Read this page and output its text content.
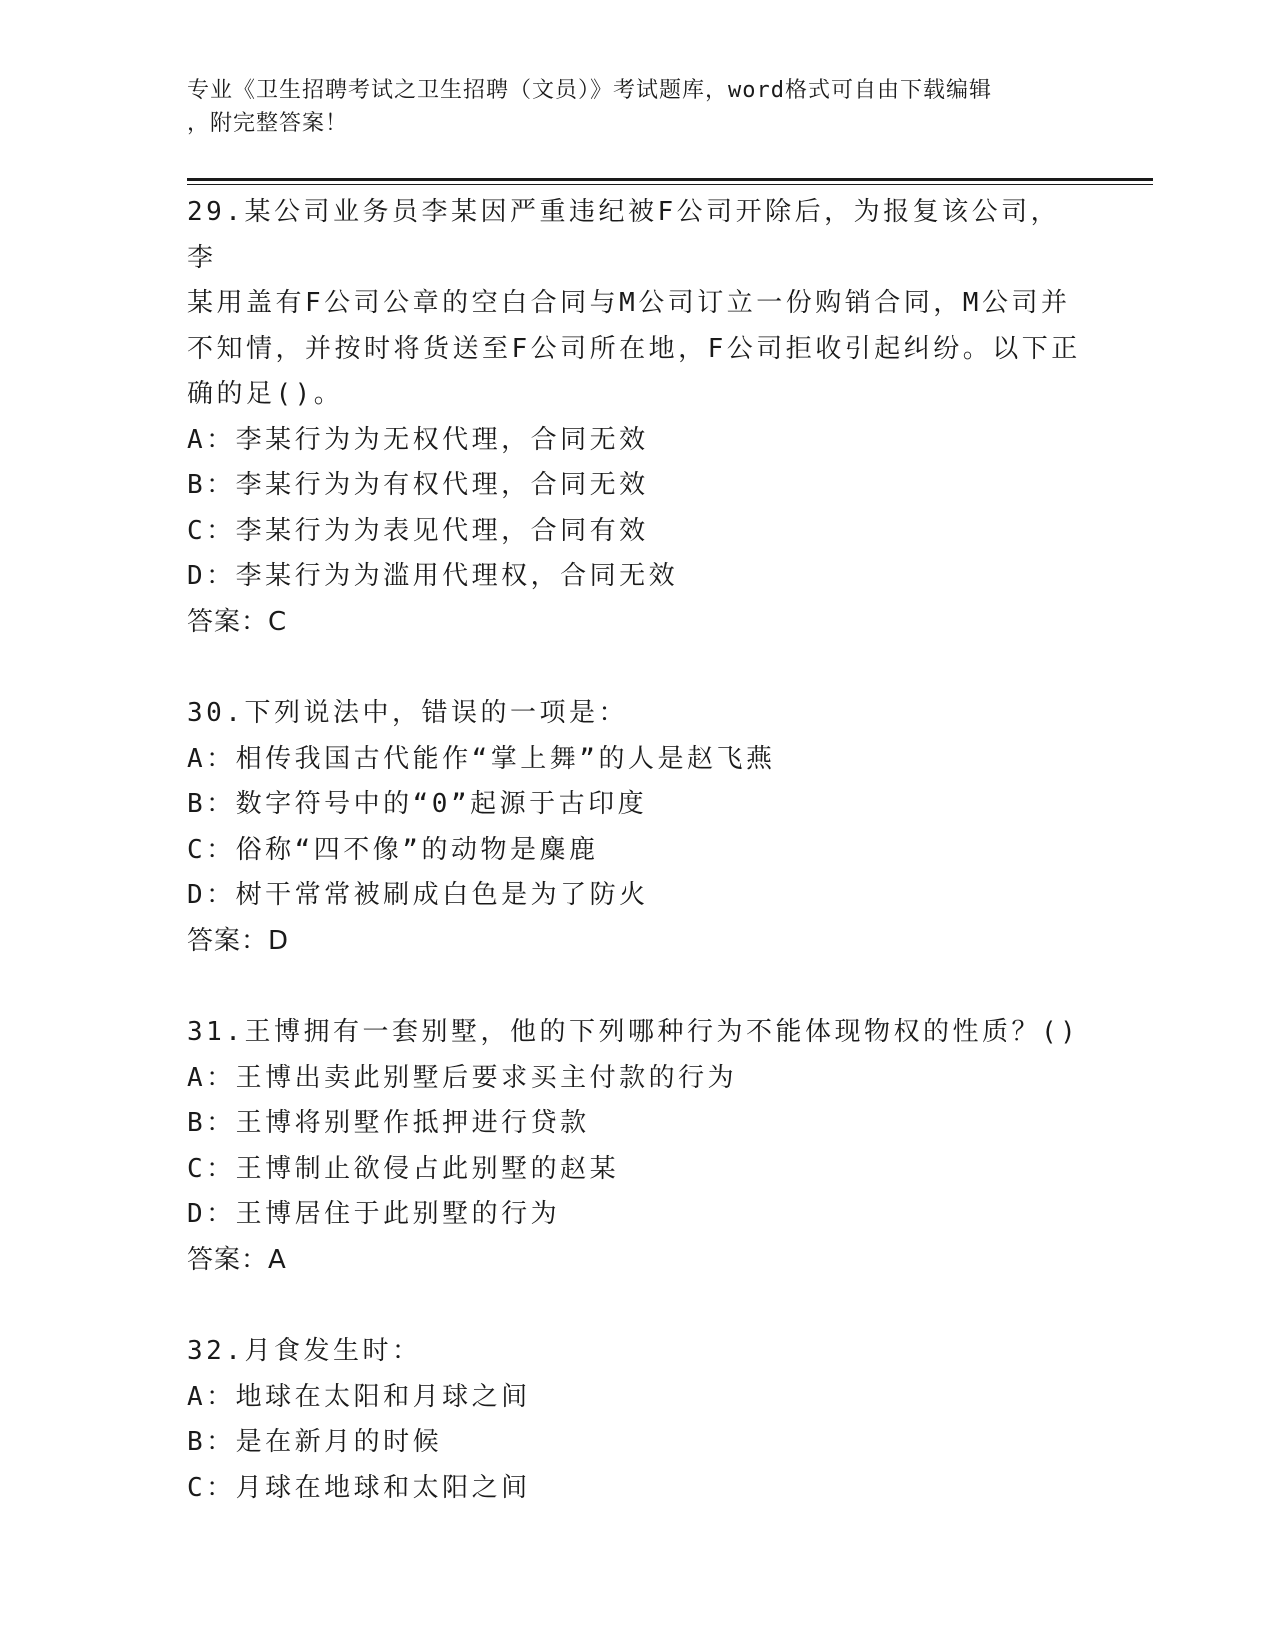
专业《卫生招聘考试之卫生招聘（文员）》考试题库，word格式可自由下载编辑
，附完整答案！

29.某公司业务员李某因严重违纪被F公司开除后，为报复该公司，李
某用盖有F公司公章的空白合同与M公司订立一份购销合同，M公司并
不知情，并按时将货送至F公司所在地，F公司拒收引起纠纷。以下正
确的足()。

A：李某行为为无权代理，合同无效

B：李某行为为有权代理，合同无效

C：李某行为为表见代理，合同有效

D：李某行为为滥用代理权，合同无效

答案：C

30.下列说法中，错误的一项是：

A：相传我国古代能作“掌上舞”的人是赵飞燕

B：数字符号中的“0”起源于古印度

C：俗称“四不像”的动物是麋鹿

D：树干常常被刷成白色是为了防火

答案：D

31.王博拥有一套别墅，他的下列哪种行为不能体现物权的性质？()

A：王博出卖此别墅后要求买主付款的行为

B：王博将别墅作抵押进行贷款

C：王博制止欲侵占此别墅的赵某

D：王博居住于此别墅的行为

答案：A

32.月食发生时：

A：地球在太阳和月球之间

B：是在新月的时候

C：月球在地球和太阳之间
